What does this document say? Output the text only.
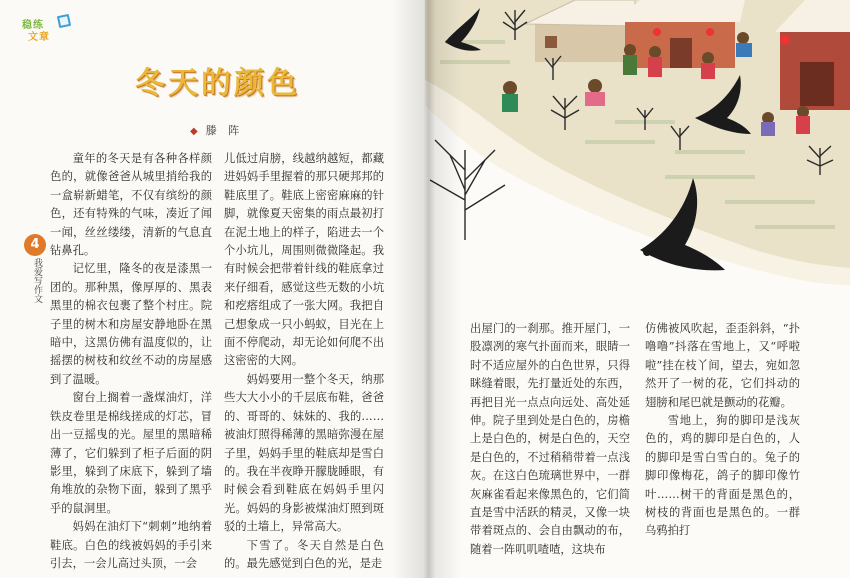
稳练
文章
冬天的颜色
◆ 滕 阵
4
我爱写作文

童年的冬天是有各种各样颜色的，就像爸爸从城里捎给我的一盒崭新蜡笔，不仅有缤纷的颜色，还有特殊的气味，凑近了闻一闻，丝丝缕缕，清新的气息直钻鼻孔。

记忆里，隆冬的夜是漆黑一团的。那种黑，像厚厚的、黑表黑里的棉衣包裹了整个村庄。院子里的树木和房屋安静地卧在黑暗中，这黑仿佛有温度似的，让摇摆的树枝和纹丝不动的房屋感到了温暖。

窗台上搁着一盏煤油灯，洋铁皮卷里是棉线搓成的灯芯，冒出一豆摇曳的光。屋里的黑暗稀薄了，它们躲到了柜子后面的阴影里，躲到了床底下，躲到了墙角堆放的杂物下面，躲到了黑乎乎的鼠洞里。

妈妈在油灯下“刺刺”地纳着鞋底。白色的线被妈妈的手引来引去，一会儿高过头顶，一会

儿低过肩膀，线越纳越短，都藏进妈妈手里握着的那只硬邦邦的鞋底里了。鞋底上密密麻麻的针脚，就像夏天密集的雨点最初打在泥土地上的样子，陷进去一个个小坑儿，周围则微微隆起。我有时候会把带着针线的鞋底拿过来仔细看，感觉这些无数的小坑和疙瘩组成了一张大网。我把自己想象成一只小蚂蚁，目光在上面不停爬动，却无论如何爬不出这密密的大网。

妈妈要用一整个冬天，纳那些大大小小的千层底布鞋，爸爸的、哥哥的、妹妹的、我的……被油灯照得稀薄的黑暗弥漫在屋子里，妈妈手里的鞋底却是雪白的。我在半夜睁开朦胧睡眼，有时候会看到鞋底在妈妈手里闪光。妈妈的身影被煤油灯照到斑驳的土墙上，异常高大。

下雪了。冬天自然是白色的。最先感觉到白色的光，是走

出屋门的一刹那。推开屋门，一股凛冽的寒气扑面而来，眼睛一时不适应屋外的白色世界，只得眯缝着眼，先打量近处的东西，再把目光一点点向远处、高处延伸。院子里到处是白色的，房檐上是白色的，树是白色的，天空是白色的，不过稍稍带着一点浅灰。在这白色琉璃世界中，一群灰麻雀看起来像黑色的，它们简直是雪中活跃的精灵，又像一块带着斑点的、会自由飘动的布，随着一阵叽叽喳喳，这块布

仿佛被风吹起，歪歪斜斜，“扑噜噜”抖落在雪地上，又“呼啦啦”挂在枝丫间，望去，宛如忽然开了一树的花，它们抖动的翅膀和尾巴就是颤动的花瓣。

雪地上，狗的脚印是浅灰色的，鸡的脚印是白色的，人的脚印是雪白雪白的。兔子的脚印像梅花，鸽子的脚印像竹叶……树干的背面是黑色的，树枝的背面也是黑色的。一群乌鸦拍打
